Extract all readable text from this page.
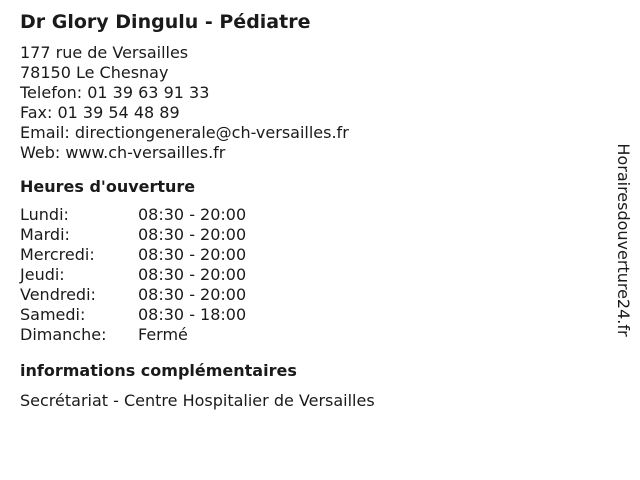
Dr Glory Dingulu - Pédiatre
177 rue de Versailles
78150 Le Chesnay
Telefon: 01 39 63 91 33
Fax: 01 39 54 48 89
Email: directiongenerale@ch-versailles.fr
Web: www.ch-versailles.fr
Heures d'ouverture
Lundi:	08:30 - 20:00
Mardi:	08:30 - 20:00
Mercredi:	08:30 - 20:00
Jeudi:	08:30 - 20:00
Vendredi:	08:30 - 20:00
Samedi:	08:30 - 18:00
Dimanche:	Fermé
informations complémentaires
Secrétariat - Centre Hospitalier de Versailles
Horairesdouverture24.fr
